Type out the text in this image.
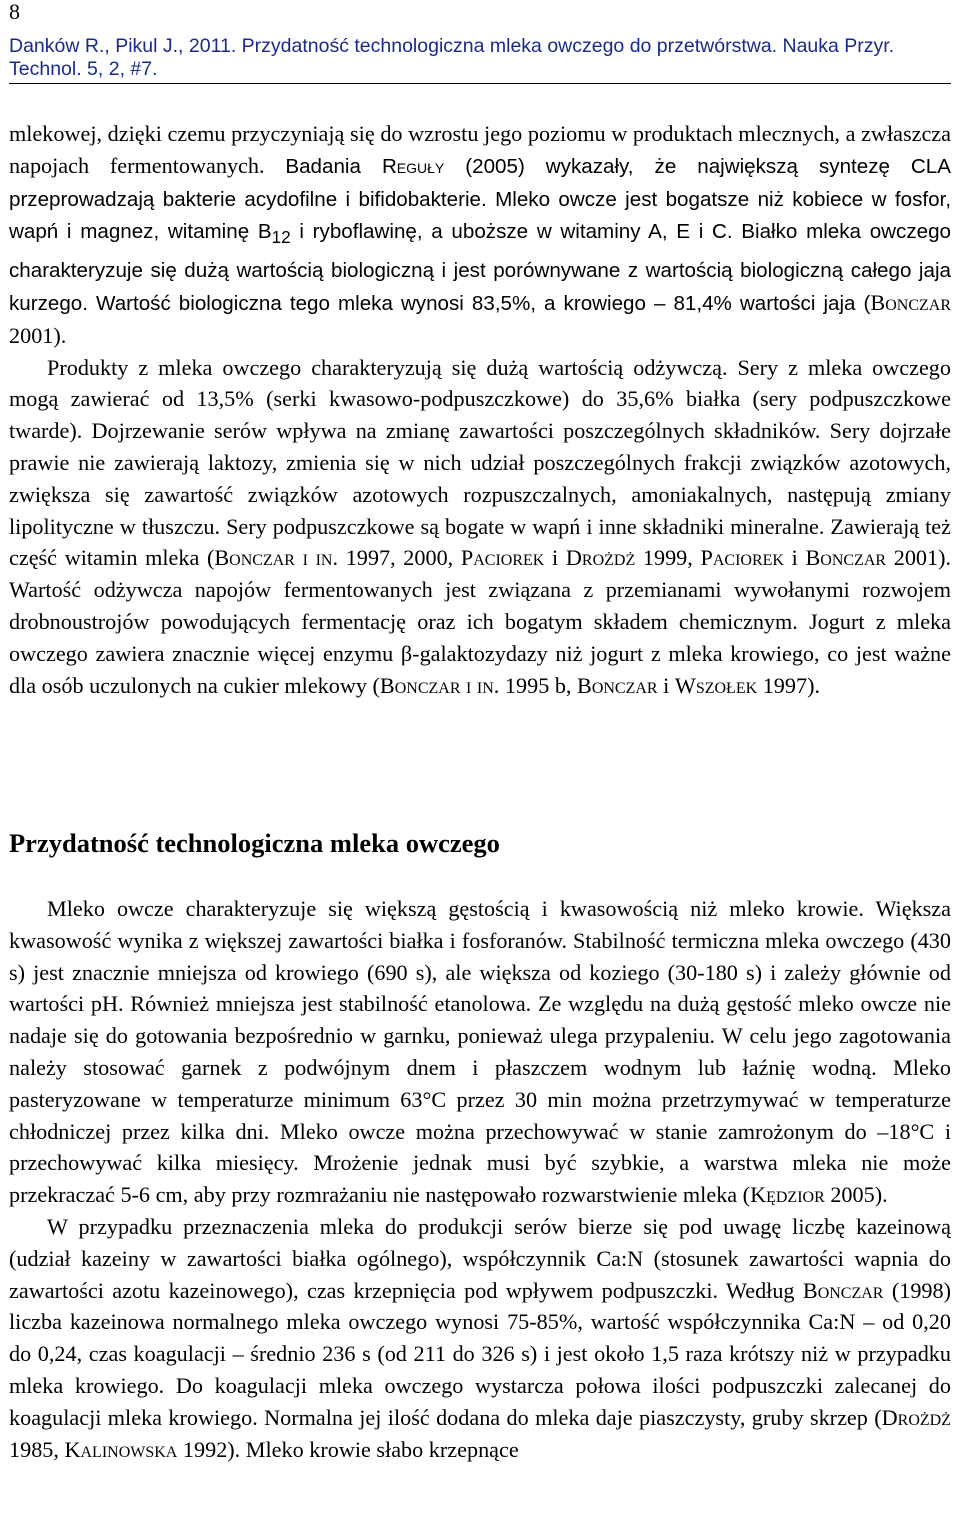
8
Danków R., Pikul J., 2011. Przydatność technologiczna mleka owczego do przetwórstwa. Nauka Przyr. Technol. 5, 2, #7.

mlekowej, dzięki czemu przyczyniają się do wzrostu jego poziomu w produktach mlecznych, a zwłaszcza napojach fermentowanych. Badania Reguły (2005) wykazały, że największą syntezę CLA przeprowadzają bakterie acydofilne i bifidobakterie. Mleko owcze jest bogatsze niż kobiece w fosfor, wapń i magnez, witaminę $B_{12}$ i ryboflawinę, a uboższe w witaminy A, E i C. Białko mleka owczego charakteryzuje się dużą wartością biologiczną i jest porównywane z wartością biologiczną całego jaja kurzego. Wartość biologiczna tego mleka wynosi 83,5%, a krowiego – 81,4% wartości jaja (Bonczar 2001).

Produkty z mleka owczego charakteryzują się dużą wartością odżywczą. Sery z mleka owczego mogą zawierać od 13,5% (serki kwasowo-podpuszczkowe) do 35,6% białka (sery podpuszczkowe twarde). Dojrzewanie serów wpływa na zmianę zawartości poszczególnych składników. Sery dojrzałe prawie nie zawierają laktozy, zmienia się w nich udział poszczególnych frakcji związków azotowych, zwiększa się zawartość związków azotowych rozpuszczalnych, amoniakalnych, następują zmiany lipolityczne w tłuszczu. Sery podpuszczkowe są bogate w wapń i inne składniki mineralne. Zawierają też część witamin mleka (Bonczar i in. 1997, 2000, Paciorek i Drożdż 1999, Paciorek i Bonczar 2001). Wartość odżywcza napojów fermentowanych jest związana z przemianami wywołanymi rozwojem drobnoustrojów powodujących fermentację oraz ich bogatym składem chemicznym. Jogurt z mleka owczego zawiera znacznie więcej enzymu β-galaktozydazy niż jogurt z mleka krowiego, co jest ważne dla osób uczulonych na cukier mlekowy (Bonczar i in. 1995 b, Bonczar i Wszołek 1997).

Przydatność technologiczna mleka owczego

Mleko owcze charakteryzuje się większą gęstością i kwasowością niż mleko krowie. Większa kwasowość wynika z większej zawartości białka i fosforanów. Stabilność termiczna mleka owczego (430 s) jest znacznie mniejsza od krowiego (690 s), ale większa od koziego (30-180 s) i zależy głównie od wartości pH. Również mniejsza jest stabilność etanolowa. Ze względu na dużą gęstość mleko owcze nie nadaje się do gotowania bezpośrednio w garnku, ponieważ ulega przypaleniu. W celu jego zagotowania należy stosować garnek z podwójnym dnem i płaszczem wodnym lub łaźnię wodną. Mleko pasteryzowane w temperaturze minimum 63°C przez 30 min można przetrzymywać w temperaturze chłodniczej przez kilka dni. Mleko owcze można przechowywać w stanie zamrożonym do –18°C i przechowywać kilka miesięcy. Mrożenie jednak musi być szybkie, a warstwa mleka nie może przekraczać 5-6 cm, aby przy rozmrażaniu nie następowało rozwarstwienie mleka (Kędzior 2005).

W przypadku przeznaczenia mleka do produkcji serów bierze się pod uwagę liczbę kazeinową (udział kazeiny w zawartości białka ogólnego), współczynnik Ca:N (stosunek zawartości wapnia do zawartości azotu kazeinowego), czas krzepnięcia pod wpływem podpuszczki. Według Bonczar (1998) liczba kazeinowa normalnego mleka owczego wynosi 75-85%, wartość współczynnika Ca:N – od 0,20 do 0,24, czas koagulacji – średnio 236 s (od 211 do 326 s) i jest około 1,5 raza krótszy niż w przypadku mleka krowiego. Do koagulacji mleka owczego wystarcza połowa ilości podpuszczki zalecanej do koagulacji mleka krowiego. Normalna jej ilość dodana do mleka daje piaszczysty, gruby skrzep (Drożdż 1985, Kalinowska 1992). Mleko krowie słabo krzepnące
